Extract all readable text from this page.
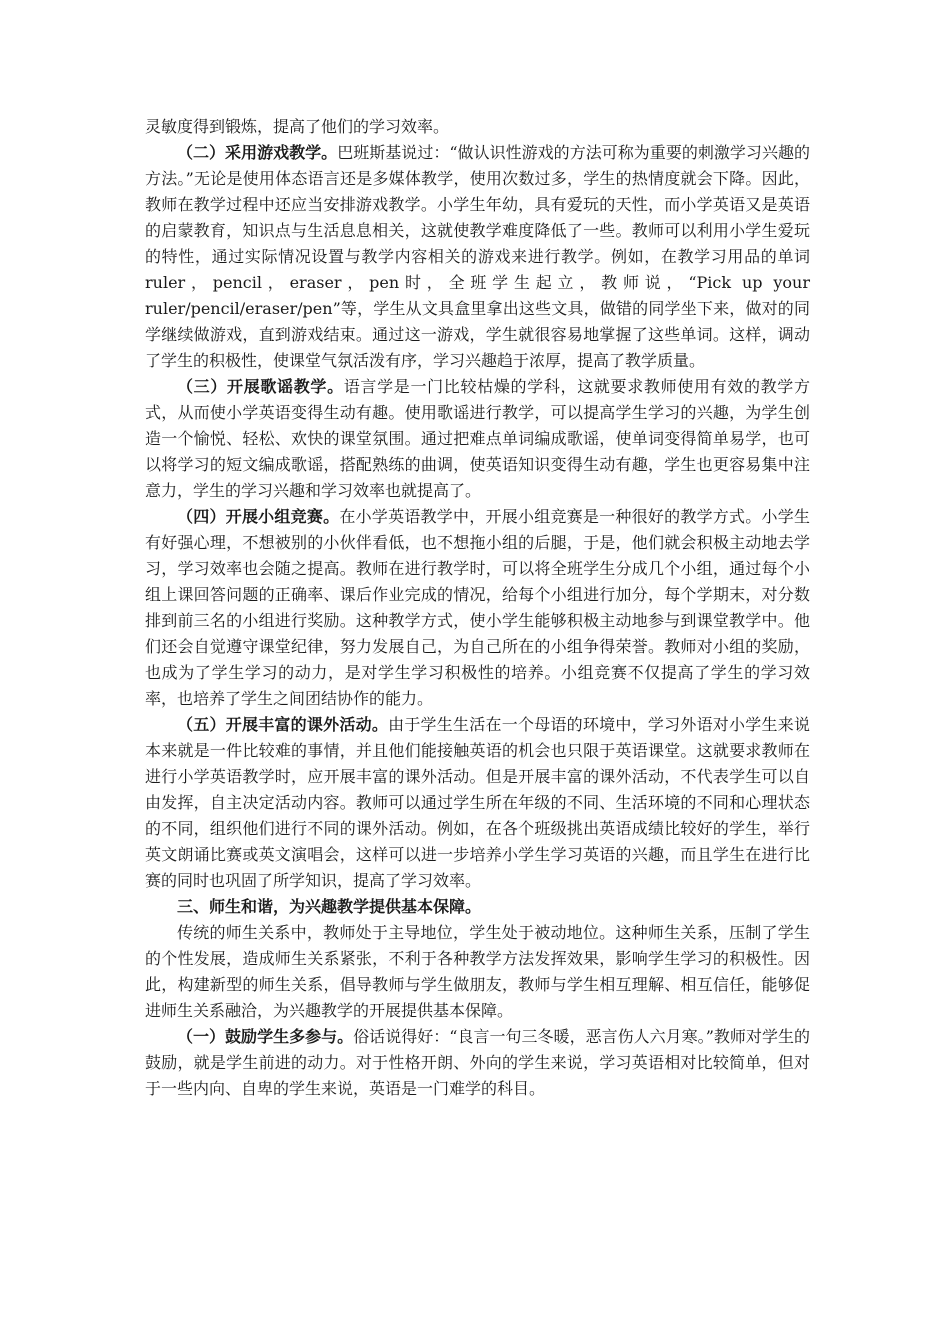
灵敏度得到锻炼，提高了他们的学习效率。

（二）采用游戏教学。巴班斯基说过：“做认识性游戏的方法可称为重要的刺激学习兴趣的方法。”无论是使用体态语言还是多媒体教学，使用次数过多，学生的热情度就会下降。因此，教师在教学过程中还应当安排游戏教学。小学生年幼，具有爱玩的天性，而小学英语又是英语的启蒙教育，知识点与生活息息相关，这就使教学难度降低了一些。教师可以利用小学生爱玩的特性，通过实际情况设置与教学内容相关的游戏来进行教学。例如，在教学习用品的单词ruler，pencil，eraser，pen时，全班学生起立，教师说，“Pick up your ruler/pencil/eraser/pen”等，学生从文具盒里拿出这些文具，做错的同学坐下来，做对的同学继续做游戏，直到游戏结束。通过这一游戏，学生就很容易地掌握了这些单词。这样，调动了学生的积极性，使课堂气氛活泼有序，学习兴趣趋于浓厚，提高了教学质量。

（三）开展歌谣教学。语言学是一门比较枯燥的学科，这就要求教师使用有效的教学方式，从而使小学英语变得生动有趣。使用歌谣进行教学，可以提高学生学习的兴趣，为学生创造一个愉悦、轻松、欢快的课堂氛围。通过把难点单词编成歌谣，使单词变得简单易学，也可以将学习的短文编成歌谣，搭配熟练的曲调，使英语知识变得生动有趣，学生也更容易集中注意力，学生的学习兴趣和学习效率也就提高了。

（四）开展小组竞赛。在小学英语教学中，开展小组竞赛是一种很好的教学方式。小学生有好强心理，不想被别的小伙伴看低，也不想拖小组的后腿，于是，他们就会积极主动地去学习，学习效率也会随之提高。教师在进行教学时，可以将全班学生分成几个小组，通过每个小组上课回答问题的正确率、课后作业完成的情况，给每个小组进行加分，每个学期末，对分数排到前三名的小组进行奖励。这种教学方式，使小学生能够积极主动地参与到课堂教学中。他们还会自觉遵守课堂纪律，努力发展自己，为自己所在的小组争得荣誉。教师对小组的奖励，也成为了学生学习的动力，是对学生学习积极性的培养。小组竞赛不仅提高了学生的学习效率，也培养了学生之间团结协作的能力。

（五）开展丰富的课外活动。由于学生生活在一个母语的环境中，学习外语对小学生来说本来就是一件比较难的事情，并且他们能接触英语的机会也只限于英语课堂。这就要求教师在进行小学英语教学时，应开展丰富的课外活动。但是开展丰富的课外活动，不代表学生可以自由发挥，自主决定活动内容。教师可以通过学生所在年级的不同、生活环境的不同和心理状态的不同，组织他们进行不同的课外活动。例如，在各个班级挑出英语成绩比较好的学生，举行英文朗诵比赛或英文演唱会，这样可以进一步培养小学生学习英语的兴趣，而且学生在进行比赛的同时也巩固了所学知识，提高了学习效率。

三、师生和谐，为兴趣教学提供基本保障。

传统的师生关系中，教师处于主导地位，学生处于被动地位。这种师生关系，压制了学生的个性发展，造成师生关系紧张，不利于各种教学方法发挥效果，影响学生学习的积极性。因此，构建新型的师生关系，倡导教师与学生做朋友，教师与学生相互理解、相互信任，能够促进师生关系融洽，为兴趣教学的开展提供基本保障。

（一）鼓励学生多参与。俗话说得好：“良言一句三冬暖，恶言伤人六月寒。”教师对学生的鼓励，就是学生前进的动力。对于性格开朗、外向的学生来说，学习英语相对比较简单，但对于一些内向、自卑的学生来说，英语是一门难学的科目。
